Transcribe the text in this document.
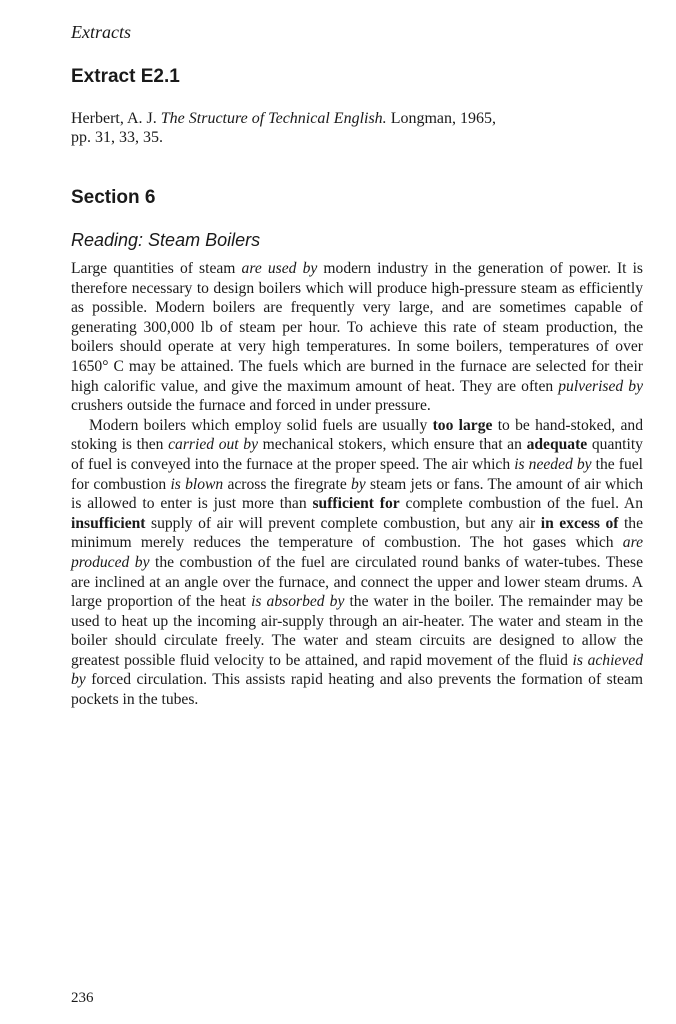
Extracts
Extract E2.1
Herbert, A. J. The Structure of Technical English. Longman, 1965,
pp. 31, 33, 35.
Section 6
Reading: Steam Boilers

Large quantities of steam are used by modern industry in the generation of power. It is therefore necessary to design boilers which will produce high-pressure steam as efficiently as possible. Modern boilers are frequently very large, and are sometimes capable of generating 300,000 lb of steam per hour. To achieve this rate of steam production, the boilers should operate at very high temperatures. In some boilers, temperatures of over 1650° C may be attained. The fuels which are burned in the furnace are selected for their high calorific value, and give the maximum amount of heat. They are often pulverised by crushers outside the furnace and forced in under pressure.

Modern boilers which employ solid fuels are usually too large to be hand-stoked, and stoking is then carried out by mechanical stokers, which ensure that an adequate quantity of fuel is conveyed into the furnace at the proper speed. The air which is needed by the fuel for combustion is blown across the firegrate by steam jets or fans. The amount of air which is allowed to enter is just more than sufficient for complete combustion of the fuel. An insufficient supply of air will prevent complete combustion, but any air in excess of the minimum merely reduces the temperature of combustion. The hot gases which are produced by the combustion of the fuel are circulated round banks of water-tubes. These are inclined at an angle over the furnace, and connect the upper and lower steam drums. A large proportion of the heat is absorbed by the water in the boiler. The remainder may be used to heat up the incoming air-supply through an air-heater. The water and steam in the boiler should circulate freely. The water and steam circuits are designed to allow the greatest possible fluid velocity to be attained, and rapid movement of the fluid is achieved by forced circulation. This assists rapid heating and also prevents the formation of steam pockets in the tubes.

236
